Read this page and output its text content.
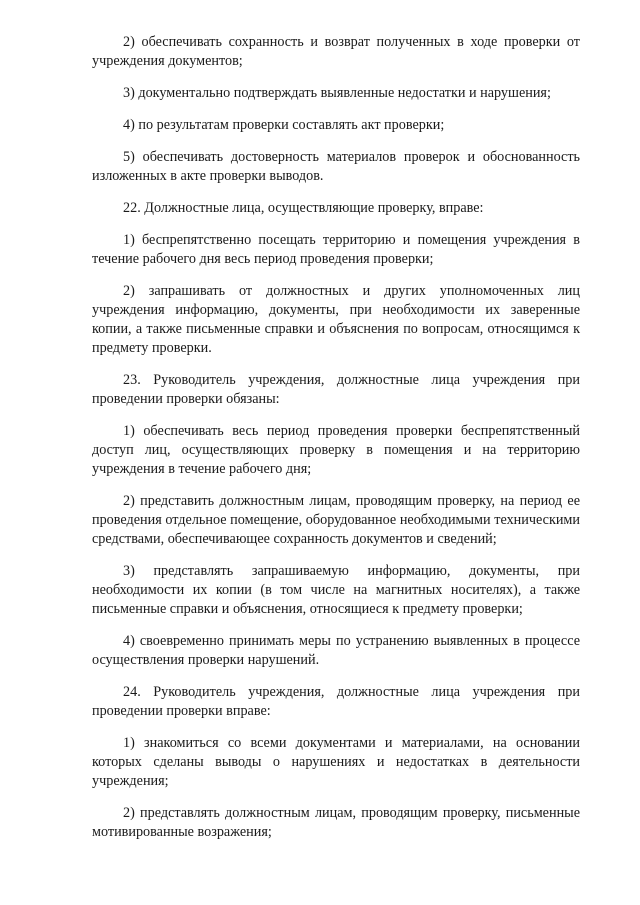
2) обеспечивать сохранность и возврат полученных в ходе проверки от учреждения документов;

3) документально подтверждать выявленные недостатки и нарушения;

4) по результатам проверки составлять акт проверки;

5) обеспечивать достоверность материалов проверок и обоснованность изложенных в акте проверки выводов.

22. Должностные лица, осуществляющие проверку, вправе:

1) беспрепятственно посещать территорию и помещения учреждения в течение рабочего дня весь период проведения проверки;

2) запрашивать от должностных и других уполномоченных лиц учреждения информацию, документы, при необходимости их заверенные копии, а также письменные справки и объяснения по вопросам, относящимся к предмету проверки.

23. Руководитель учреждения, должностные лица учреждения при проведении проверки обязаны:

1) обеспечивать весь период проведения проверки беспрепятственный доступ лиц, осуществляющих проверку в помещения и на территорию учреждения в течение рабочего дня;

2) представить должностным лицам, проводящим проверку, на период ее проведения отдельное помещение, оборудованное необходимыми техническими средствами, обеспечивающее сохранность документов и сведений;

3) представлять запрашиваемую информацию, документы, при необходимости их копии (в том числе на магнитных носителях), а также письменные справки и объяснения, относящиеся к предмету проверки;

4) своевременно принимать меры по устранению выявленных в процессе осуществления проверки нарушений.

24. Руководитель учреждения, должностные лица учреждения при проведении проверки вправе:

1) знакомиться со всеми документами и материалами, на основании которых сделаны выводы о нарушениях и недостатках в деятельности учреждения;

2) представлять должностным лицам, проводящим проверку, письменные мотивированные возражения;
